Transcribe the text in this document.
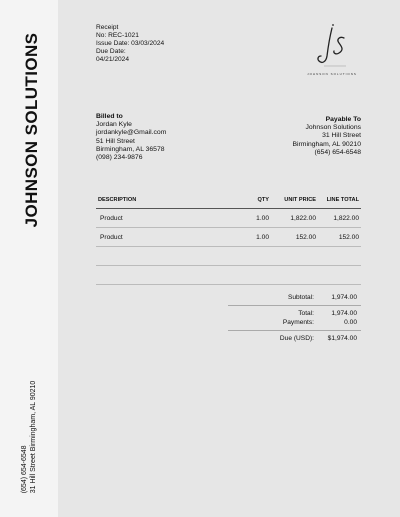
JOHNSON SOLUTIONS
(654) 654-6548 31 Hill Street Birmingham, AL 90210
Receipt
No: REC-1021
Issue Date: 03/03/2024
Due Date:
04/21/2024
JOHNSON SOLUTIONS
Billed to
Jordan Kyle
jordankyle@Gmail.com
51 Hill Street
Birmingham, AL 36578
(098) 234-9876
Payable To
Johnson Solutions
31 Hill Street
Birmingham, AL 90210
(654) 654-6548
DESCRIPTION	QTY	UNIT PRICE	LINE TOTAL
Product	1.00	1,822.00	1,822.00
Product	1.00	152.00	152.00
Subtotal:	1,974.00
Total:	1,974.00
Payments:	0.00
Due (USD): $1,974.00
